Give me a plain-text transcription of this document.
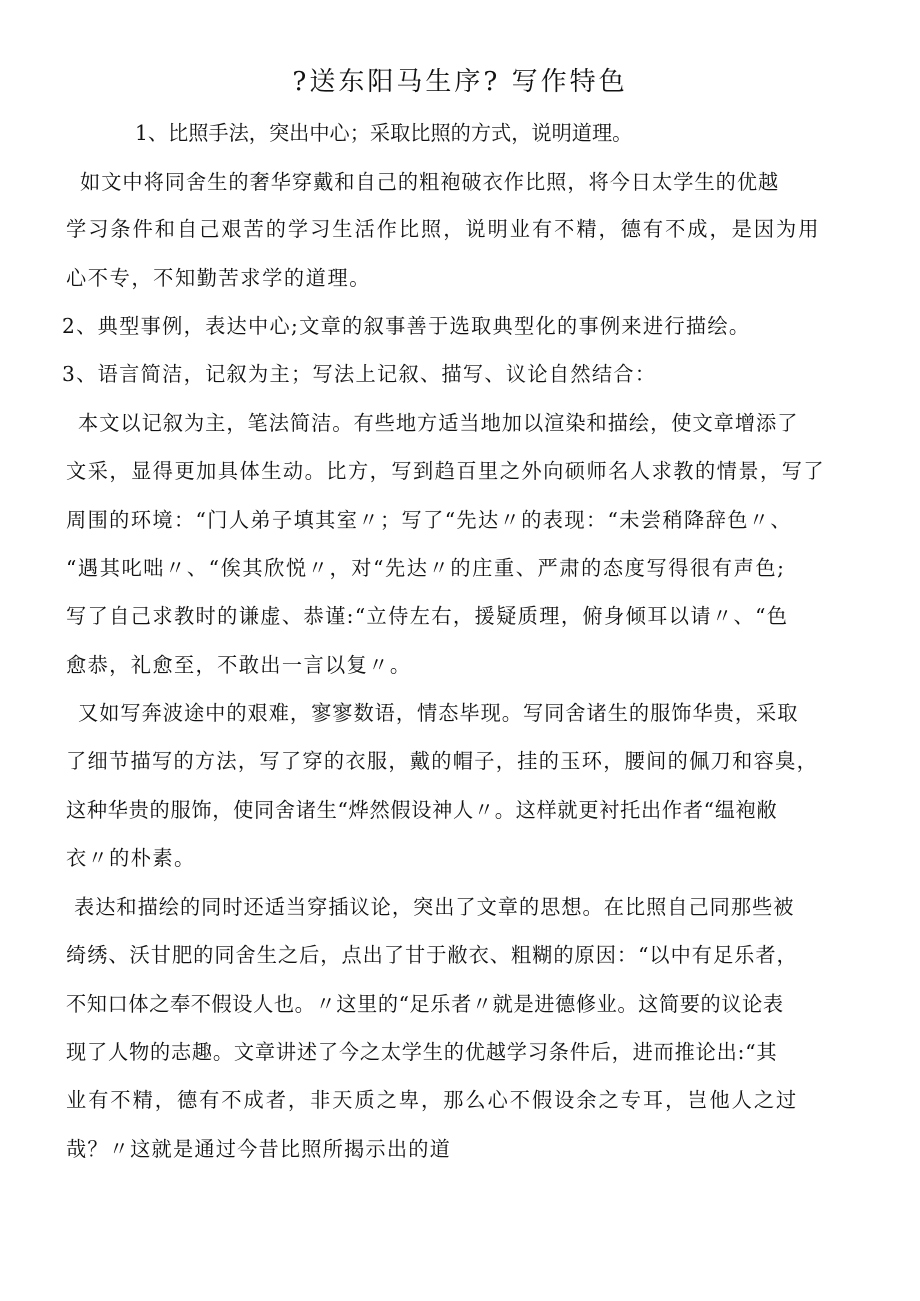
?送东阳马生序? 写作特色
1、比照手法，突出中心；采取比照的方式，说明道理。
如文中将同舍生的奢华穿戴和自己的粗袍破衣作比照，将今日太学生的优越
学习条件和自己艰苦的学习生活作比照，说明业有不精，德有不成，是因为用
心不专，不知勤苦求学的道理。
2、典型事例，表达中心;文章的叙事善于选取典型化的事例来进行描绘。
3、语言简洁，记叙为主；写法上记叙、描写、议论自然结合：
本文以记叙为主，笔法简洁。有些地方适当地加以渲染和描绘，使文章增添了
文采，显得更加具体生动。比方，写到趋百里之外向硕师名人求教的情景，写了
周围的环境：“门人弟子填其室〃；写了“先达〃的表现：“未尝稍降辞色〃、
“遇其叱咄〃、“俟其欣悦〃，对“先达〃的庄重、严肃的态度写得很有声色;
写了自己求教时的谦虚、恭谨:“立侍左右，援疑质理，俯身倾耳以请〃、“色
愈恭，礼愈至，不敢出一言以复〃。
又如写奔波途中的艰难，寥寥数语，情态毕现。写同舍诸生的服饰华贵，采取
了细节描写的方法，写了穿的衣服，戴的帽子，挂的玉环，腰间的佩刀和容臭，
这种华贵的服饰，使同舍诸生“烨然假设神人〃。这样就更衬托出作者“缊袍敝
衣〃的朴素。
表达和描绘的同时还适当穿插议论，突出了文章的思想。在比照自己同那些被
绮绣、沃甘肥的同舍生之后，点出了甘于敝衣、粗糊的原因：“以中有足乐者，
不知口体之奉不假设人也。〃这里的“足乐者〃就是进德修业。这简要的议论表
现了人物的志趣。文章讲述了今之太学生的优越学习条件后，进而推论出:“其
业有不精，德有不成者，非天质之卑，那么心不假设余之专耳，岂他人之过
哉？〃这就是通过今昔比照所揭示出的道
